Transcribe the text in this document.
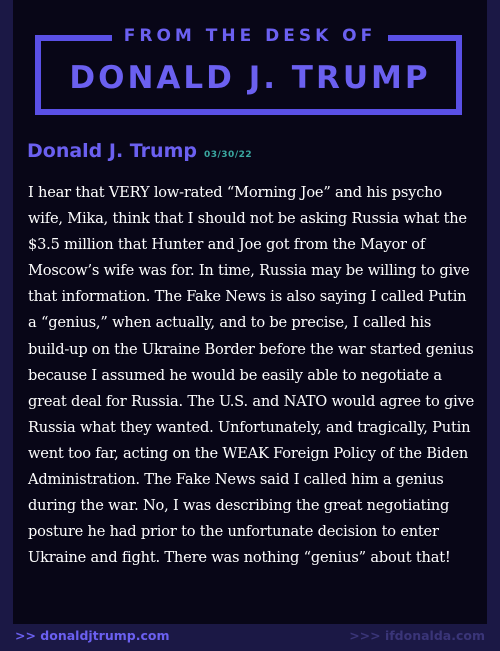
FROM THE DESK OF
DONALD J. TRUMP
Donald J. Trump 03/30/22

I hear that VERY low-rated “Morning Joe” and his psycho wife, Mika, think that I should not be asking Russia what the $3.5 million that Hunter and Joe got from the Mayor of Moscow’s wife was for. In time, Russia may be willing to give that information. The Fake News is also saying I called Putin a “genius,” when actually, and to be precise, I called his build-up on the Ukraine Border before the war started genius because I assumed he would be easily able to negotiate a great deal for Russia. The U.S. and NATO would agree to give Russia what they wanted. Unfortunately, and tragically, Putin went too far, acting on the WEAK Foreign Policy of the Biden Administration. The Fake News said I called him a genius during the war. No, I was describing the great negotiating posture he had prior to the unfortunate decision to enter Ukraine and fight. There was nothing “genius” about that!

>> donaldjtrump.com	>>> ifdonalda.com
